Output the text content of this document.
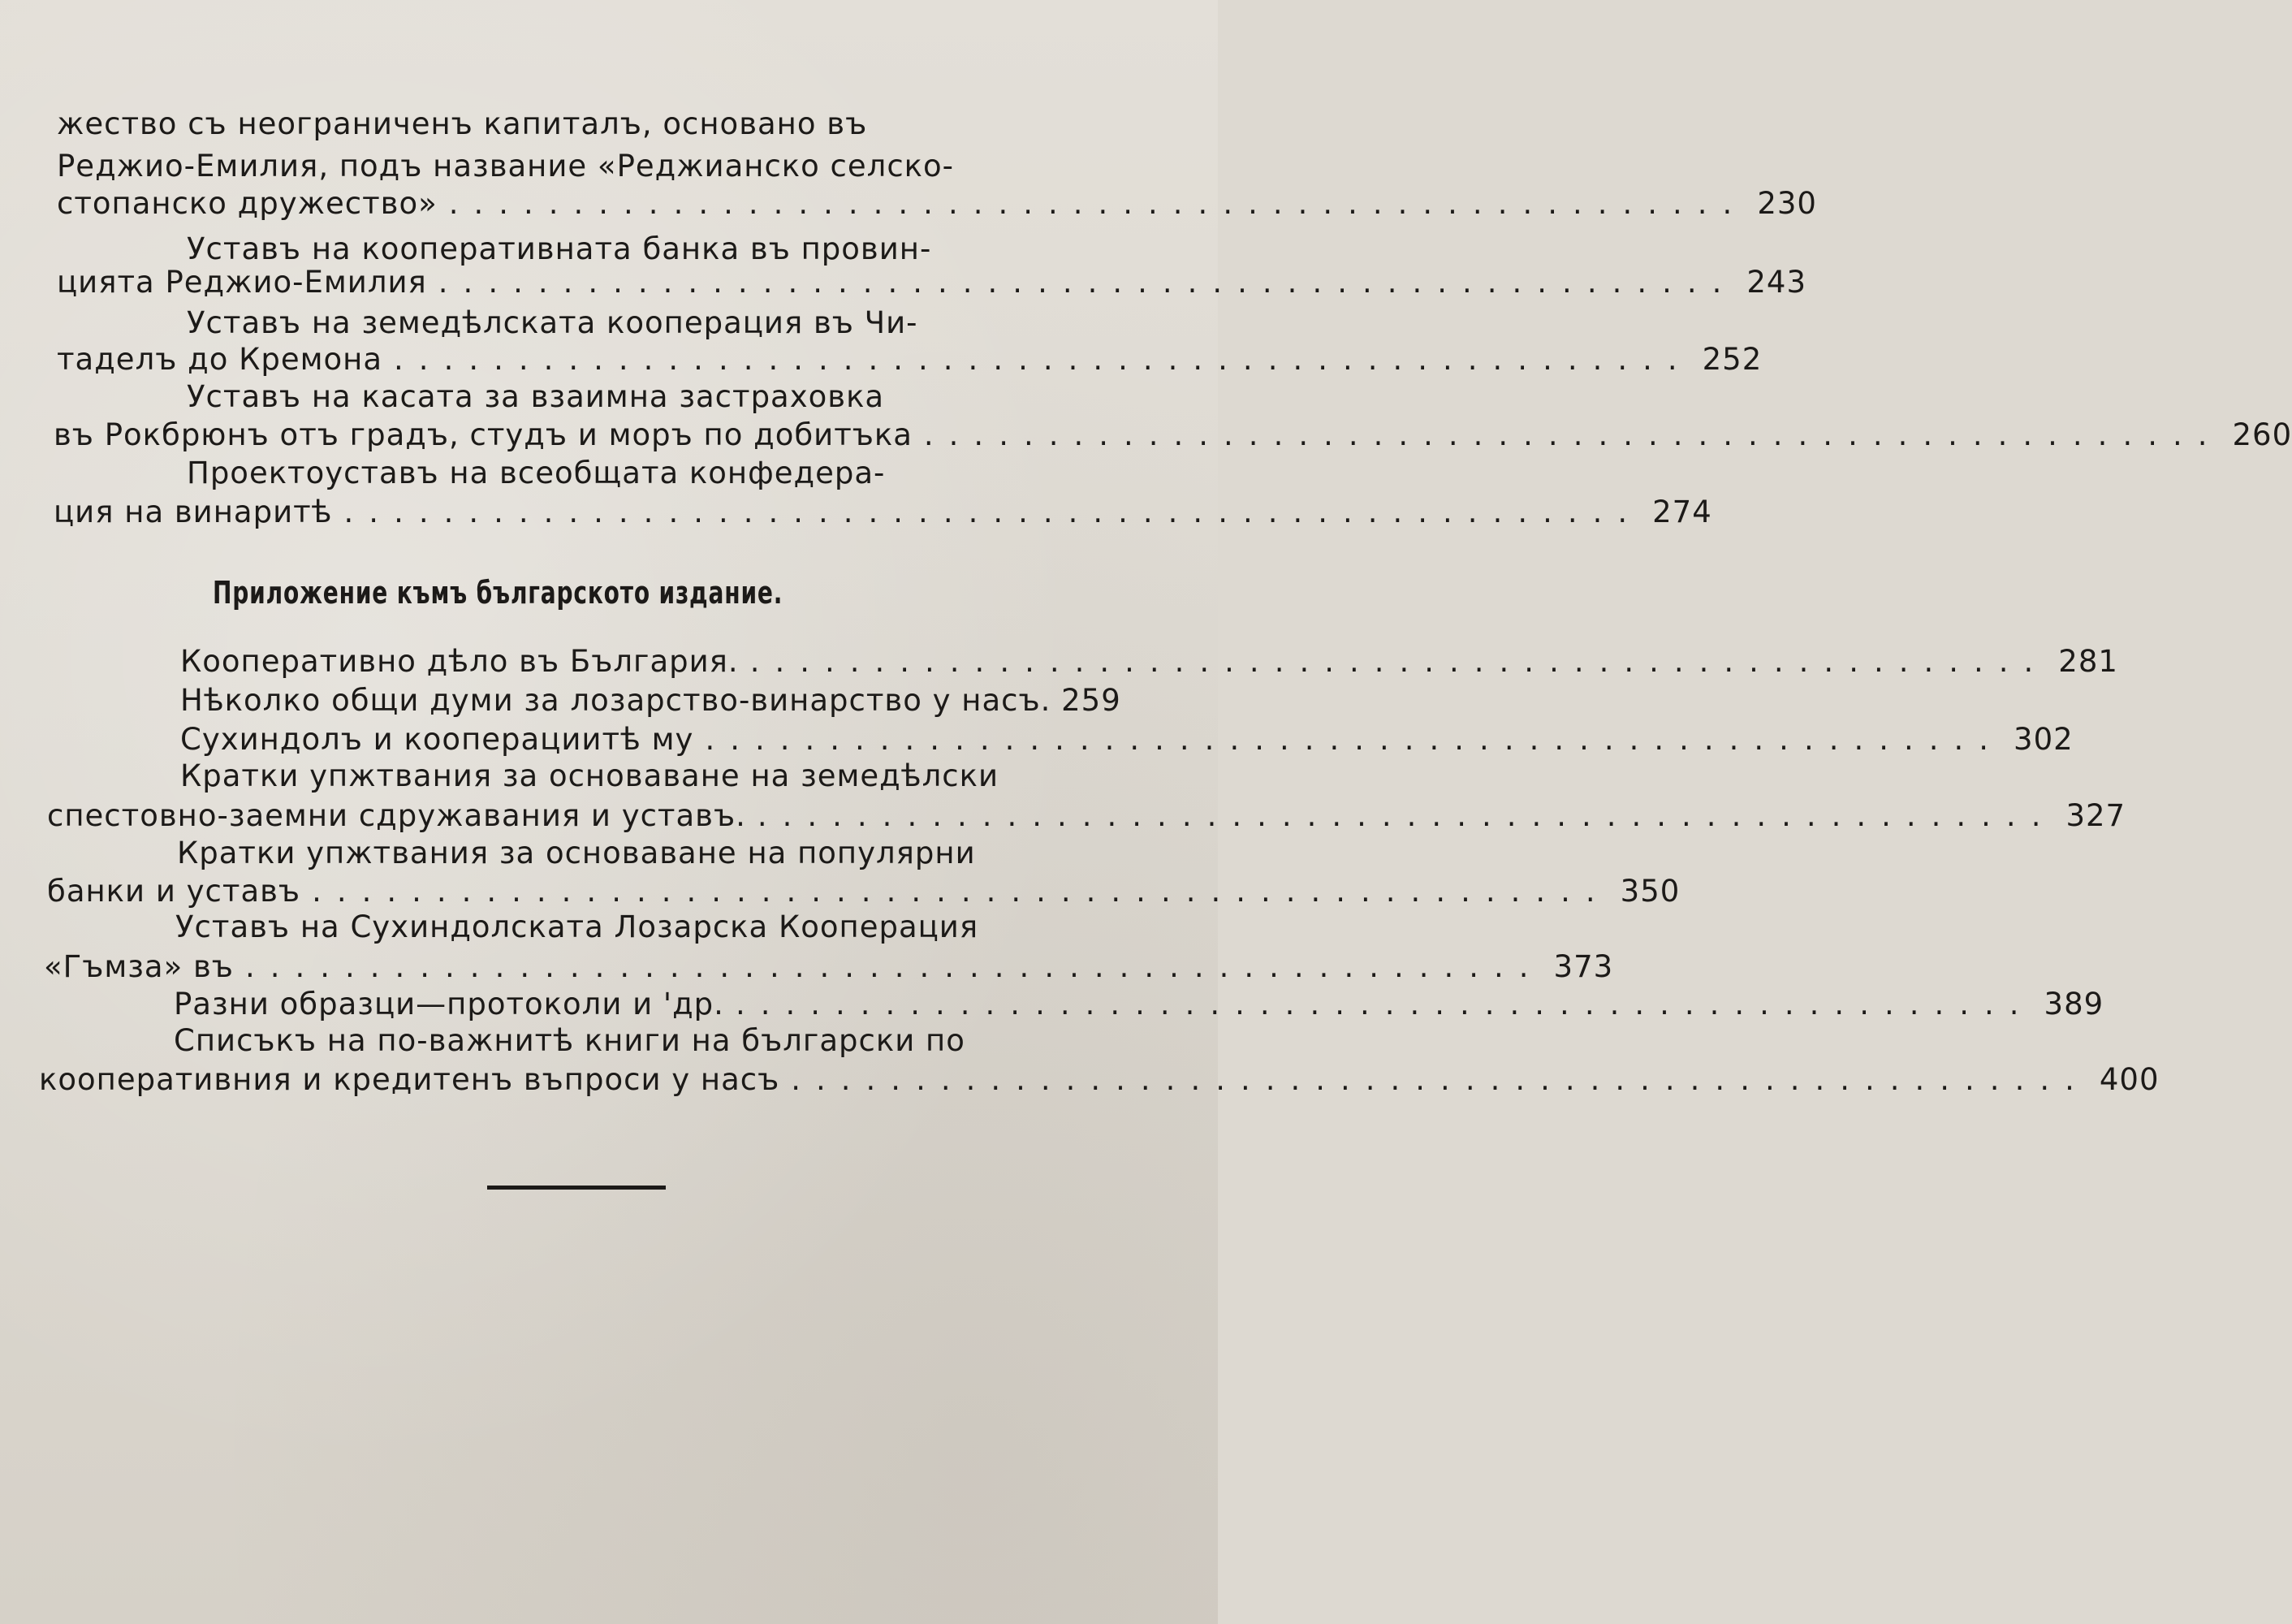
жество съ неограниченъ капиталъ, основано въ
Реджио-Емилия, подъ название «Реджианско селско-
стопанско дружество» .................................................... 230
Уставъ на кооперативната банка въ провин-
цията Реджио-Емилия .................................................... 243
Уставъ на земедѣлската кооперация въ Чи-
таделъ до Кремона .................................................... 252
Уставъ на касата за взаимна застраховка
въ Рокбрюнъ отъ градъ, студъ и моръ по добитъка .................................................... 260
Проектоуставъ на всеобщата конфедера-
ция на винаритѣ .................................................... 274
Приложение къмъ българското издание.
Кооперативно дѣло въ България. .................................................... 281
Нѣколко общи думи за лозарство-винарство у насъ. 259
Сухиндолъ и кооперациитѣ му .................................................... 302
Кратки упжтвания за основаване на земедѣлски
спестовно-заемни сдружавания и уставъ. .................................................... 327
Кратки упжтвания за основаване на популярни
банки и уставъ .................................................... 350
Уставъ на Сухиндолската Лозарска Кооперация
«Гъмза» въ .................................................... 373
Разни образци—протоколи и 'др. .................................................... 389
Списъкъ на по-важнитѣ книги на български по
кооперативния и кредитенъ въпроси у насъ .................................................... 400
